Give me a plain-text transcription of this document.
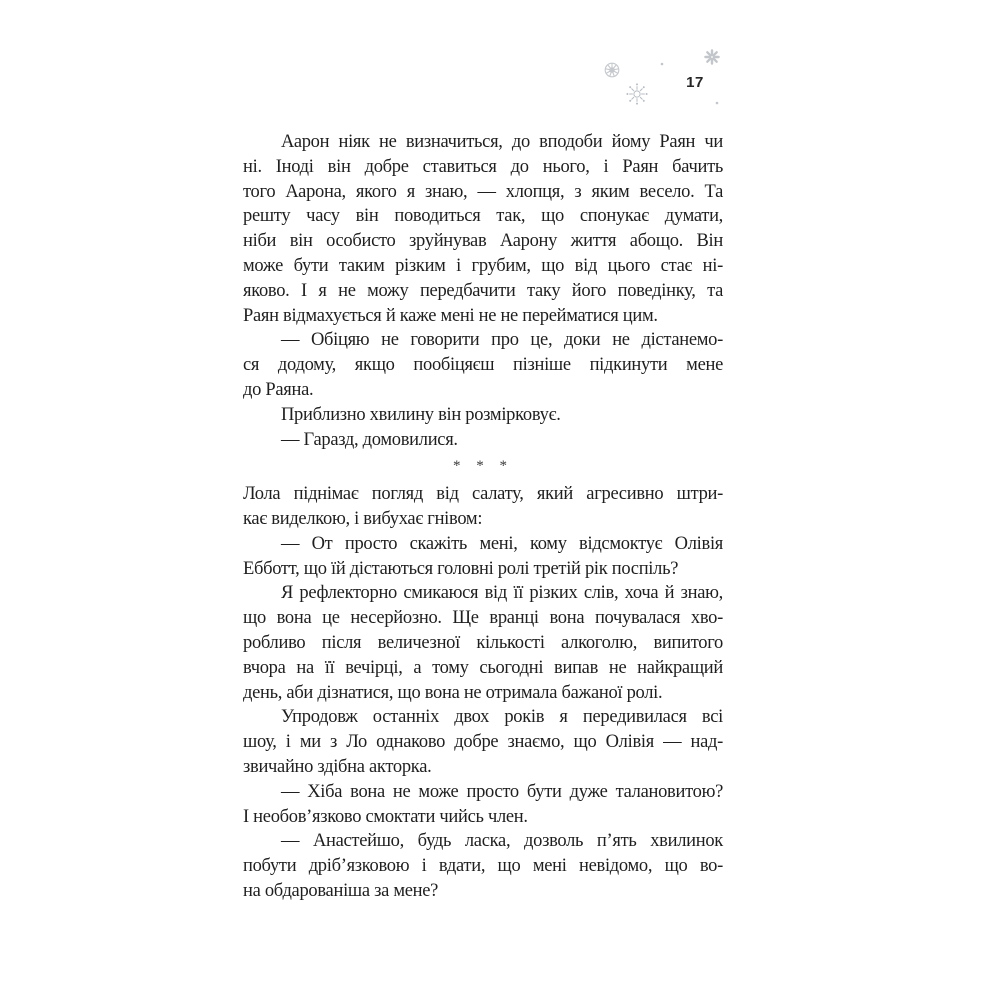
17
Аарон ніяк не визначиться, до вподоби йому Раян чи
ні. Іноді він добре ставиться до нього, і Раян бачить
того Аарона, якого я знаю, — хлопця, з яким весело. Та
решту часу він поводиться так, що спонукає думати,
ніби він особисто зруйнував Аарону життя абощо. Він
може бути таким різким і грубим, що від цього стає ні-
яково. І я не можу передбачити таку його поведінку, та
Раян відмахується й каже мені не не перейматися цим.
— Обіцяю не говорити про це, доки не дістанемо-
ся додому, якщо пообіцяєш пізніше підкинути мене
до Раяна.
Приблизно хвилину він розмірковує.
— Гаразд, домовилися.
* * *
Лола піднімає погляд від салату, який агресивно штри-
кає виделкою, і вибухає гнівом:
— От просто скажіть мені, кому відсмоктує Олівія
Ебботт, що їй дістаються головні ролі третій рік поспіль?
Я рефлекторно смикаюся від її різких слів, хоча й знаю,
що вона це несерйозно. Ще вранці вона почувалася хво-
робливо після величезної кількості алкоголю, випитого
вчора на її вечірці, а тому сьогодні випав не найкращий
день, аби дізнатися, що вона не отримала бажаної ролі.
Упродовж останніх двох років я передивилася всі
шоу, і ми з Ло однаково добре знаємо, що Олівія — над-
звичайно здібна акторка.
— Хіба вона не може просто бути дуже талановитою?
І необов’язково смоктати чийсь член.
— Анастейшо, будь ласка, дозволь п’ять хвилинок
побути дріб’язковою і вдати, що мені невідомо, що во-
на обдарованіша за мене?
